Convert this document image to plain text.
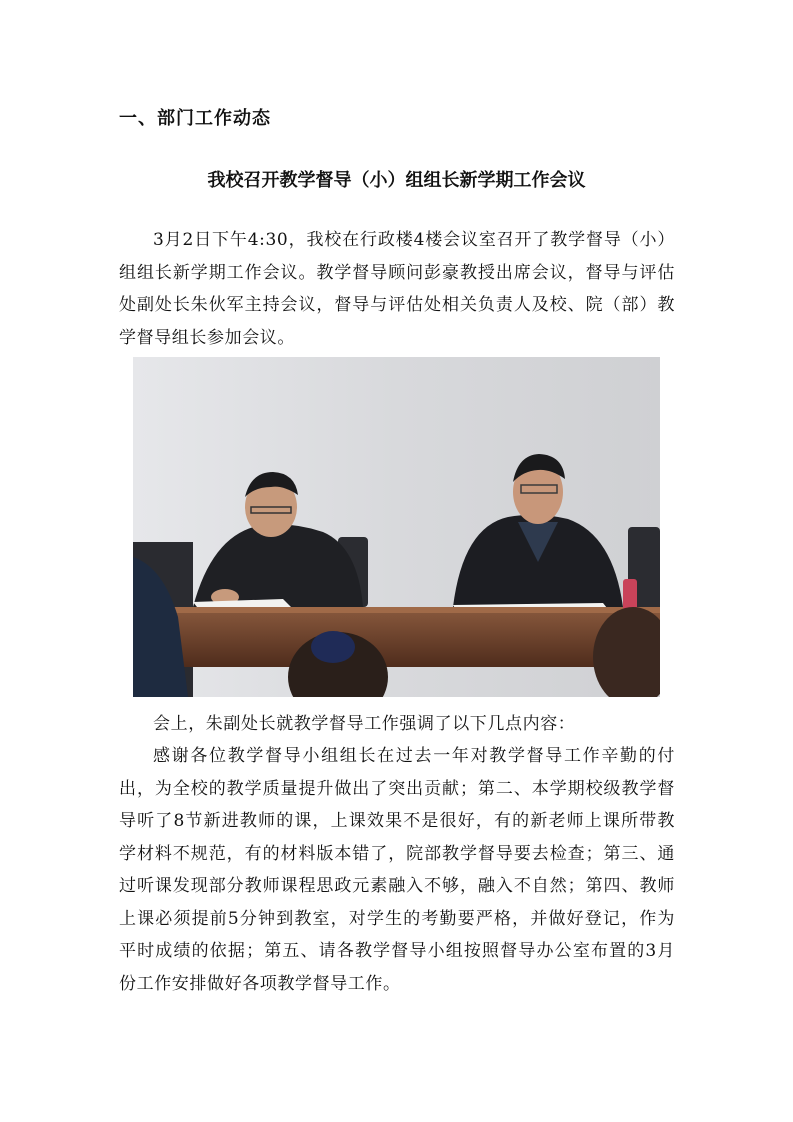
一、部门工作动态
我校召开教学督导（小）组组长新学期工作会议

3月2日下午4:30，我校在行政楼4楼会议室召开了教学督导（小）组组长新学期工作会议。教学督导顾问彭豪教授出席会议，督导与评估处副处长朱伙军主持会议，督导与评估处相关负责人及校、院（部）教学督导组长参加会议。

会上，朱副处长就教学督导工作强调了以下几点内容：

感谢各位教学督导小组组长在过去一年对教学督导工作辛勤的付出，为全校的教学质量提升做出了突出贡献；第二、本学期校级教学督导听了8节新进教师的课，上课效果不是很好，有的新老师上课所带教学材料不规范，有的材料版本错了，院部教学督导要去检查；第三、通过听课发现部分教师课程思政元素融入不够，融入不自然；第四、教师上课必须提前5分钟到教室，对学生的考勤要严格，并做好登记，作为平时成绩的依据；第五、请各教学督导小组按照督导办公室布置的3月份工作安排做好各项教学督导工作。
